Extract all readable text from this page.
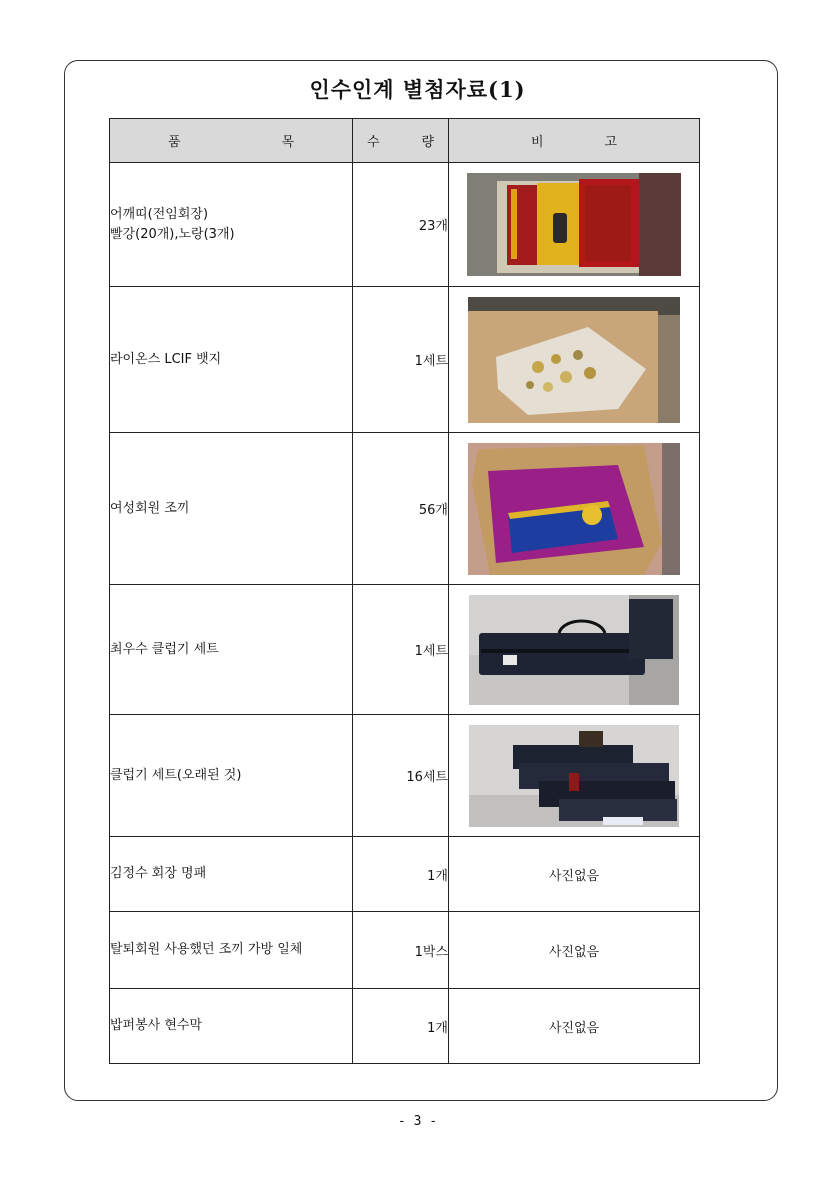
인수인계 별첨자료(1)
품 목	수 량	비 고

어깨띠(전임회장)
빨강(20개),노랑(3개)	23개	

라이온스 LCIF 뱃지	1세트	

여성회원 조끼	56개	

최우수 클럽기 세트	1세트	

클럽기 세트(오래된 것)	16세트	

김정수 회장 명패	1개	사진없음

탈퇴회원 사용했던 조끼 가방 일체	1박스	사진없음

밥퍼봉사 현수막	1개	사진없음
- 3 -
